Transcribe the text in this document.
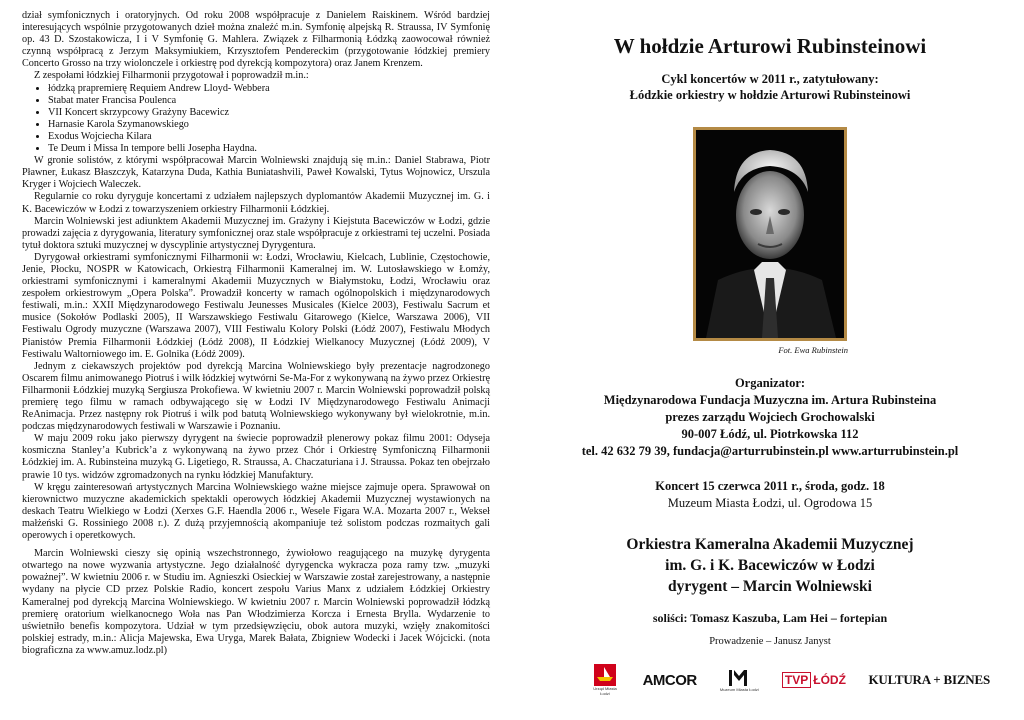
dział symfonicznych i oratoryjnych. Od roku 2008 współpracuje z Danielem Raiskinem. Wśród bardziej interesujących wspólnie przygotowanych dzieł można znaleźć m.in. Symfonię alpejską R. Straussa, IV Symfonię op. 43 D. Szostakowicza, I i V Symfonię G. Mahlera. Związek z Filharmonią Łódzką zaowocował również czynną współpracą z Jerzym Maksymiukiem, Krzysztofem Pendereckim (przygotowanie łódzkiej premiery Concerto Grosso na trzy wiolonczele i orkiestrę pod dyrekcją kompozytora) oraz Janem Krenzem.

Z zespołami łódzkiej Filharmonii przygotował i poprowadził m.in.:

• łódzką prapremierę Requiem Andrew Lloyd- Webbera
• Stabat mater Francisa Poulenca
• VII Koncert skrzypcowy Grażyny Bacewicz
• Harnasie Karola Szymanowskiego
• Exodus Wojciecha Kilara
• Te Deum i Missa In tempore belli Josepha Haydna.

W gronie solistów, z którymi współpracował Marcin Wolniewski znajdują się m.in.: Daniel Stabrawa, Piotr Pławner, Łukasz Błaszczyk, Katarzyna Duda, Kathia Buniatashvili, Paweł Kowalski, Tytus Wojnowicz, Urszula Kryger i Wojciech Waleczek.

Regularnie co roku dyryguje koncertami z udziałem najlepszych dyplomantów Akademii Muzycznej im. G. i K. Bacewiczów w Łodzi z towarzyszeniem orkiestry Filharmonii Łódzkiej.

Marcin Wolniewski jest adiunktem Akademii Muzycznej im. Grażyny i Kiejstuta Bacewiczów w Łodzi, gdzie prowadzi zajęcia z dyrygowania, literatury symfonicznej oraz stale współpracuje z orkiestrami tej uczelni. Posiada tytuł doktora sztuki muzycznej w dyscyplinie artystycznej Dyrygentura.

Dyrygował orkiestrami symfonicznymi Filharmonii w: Łodzi, Wrocławiu, Kielcach, Lublinie, Częstochowie, Jenie, Płocku, NOSPR w Katowicach, Orkiestrą Filharmonii Kameralnej im. W. Lutosławskiego w Łomży, orkiestrami symfonicznymi i kameralnymi Akademii Muzycznych w Białymstoku, Łodzi, Wrocławiu oraz zespołem orkiestrowym „Opera Polska”. Prowadził koncerty w ramach ogólnopolskich i międzynarodowych festiwali, m.in.: XXII Międzynarodowego Festiwalu Jeunesses Musicales (Kielce 2003), Festiwalu Sacrum et musice (Sokołów Podlaski 2005), II Warszawskiego Festiwalu Gitarowego (Kielce, Warszawa 2006), VII Festiwalu Ogrody muzyczne (Warszawa 2007), VIII Festiwalu Kolory Polski (Łódź 2007), Festiwalu Młodych Pianistów Premia Filharmonii Łódzkiej (Łódź 2008), II Łódzkiej Wielkanocy Muzycznej (Łódź 2009), V Festiwalu Waltorniowego im. E. Golnika (Łódź 2009).

Jednym z ciekawszych projektów pod dyrekcją Marcina Wolniewskiego były prezentacje nagrodzonego Oscarem filmu animowanego Piotruś i wilk łódzkiej wytwórni Se-Ma-For z wykonywaną na żywo przez Orkiestrę Filharmonii Łódzkiej muzyką Sergiusza Prokofiewa. W kwietniu 2007 r. Marcin Wolniewski poprowadził polską premierę tego filmu w ramach odbywającego się w Łodzi IV Międzynarodowego Festiwalu Animacji ReAnimacja. Przez następny rok Piotruś i wilk pod batutą Wolniewskiego wykonywany był wielokrotnie, m.in. podczas międzynarodowych festiwali w Warszawie i Poznaniu.

W maju 2009 roku jako pierwszy dyrygent na świecie poprowadził plenerowy pokaz filmu 2001: Odyseja kosmiczna Stanley’a Kubrick’a z wykonywaną na żywo przez Chór i Orkiestrę Symfoniczną Filharmonii Łódzkiej im. A. Rubinsteina muzyką G. Ligetiego, R. Straussa, A. Chaczaturiana i J. Straussa. Pokaz ten obejrzało prawie 10 tys. widzów zgromadzonych na rynku łódzkiej Manufaktury.

W kręgu zainteresowań artystycznych Marcina Wolniewskiego ważne miejsce zajmuje opera. Sprawował on kierownictwo muzyczne akademickich spektakli operowych łódzkiej Akademii Muzycznej wystawionych na deskach Teatru Wielkiego w Łodzi (Xerxes G.F. Haendla 2006 r., Wesele Figara W.A. Mozarta 2007 r., Wekseł małżeński G. Rossiniego 2008 r.). Z dużą przyjemnością akompaniuje też solistom podczas rozmaitych gali operowych i operetkowych.

Marcin Wolniewski cieszy się opinią wszechstronnego, żywiołowo reagującego na muzykę dyrygenta otwartego na nowe wyzwania artystyczne. Jego działalność dyrygencka wykracza poza ramy tzw. „muzyki poważnej”. W kwietniu 2006 r. w Studiu im. Agnieszki Osieckiej w Warszawie został zarejestrowany, a następnie wydany na płycie CD przez Polskie Radio, koncert zespołu Varius Manx z udziałem Łódzkiej Orkiestry Kameralnej pod dyrekcją Marcina Wolniewskiego. W kwietniu 2007 r. Marcin Wolniewski poprowadził łódzką premierę oratorium wielkanocnego Woła nas Pan Włodzimierza Korcza i Ernesta Brylla. Wydarzenie to uświetniło benefis kompozytora. Udział w tym przedsięwzięciu, obok autora muzyki, wzięły znakomitości polskiej estrady, m.in.: Alicja Majewska, Ewa Uryga, Marek Bałata, Zbigniew Wodecki i Jacek Wójcicki. (nota biograficzna za www.amuz.lodz.pl)

W hołdzie Arturowi Rubinsteinowi
Cykl koncertów w 2011 r., zatytułowany:
Łódzkie orkiestry w hołdzie Arturowi Rubinsteinowi
Fot. Ewa Rubinstein
Organizator:
Międzynarodowa Fundacja Muzyczna im. Artura Rubinsteina
prezes zarządu Wojciech Grochowalski
90-007 Łódź, ul. Piotrkowska 112
tel. 42 632 79 39, fundacja@arturrubinstein.pl www.arturrubinstein.pl
Koncert 15 czerwca 2011 r., środa, godz. 18
Muzeum Miasta Łodzi, ul. Ogrodowa 15
Orkiestra Kameralna Akademii Muzycznej
im. G. i K. Bacewiczów w Łodzi
dyrygent – Marcin Wolniewski
soliści: Tomasz Kaszuba, Lam Hei – fortepian
Prowadzenie – Janusz Janyst
Urząd Miasta Łodzi
AMCOR
Muzeum Miasta Łodzi
TVP ŁÓDŹ KULTURA + BIZNES
